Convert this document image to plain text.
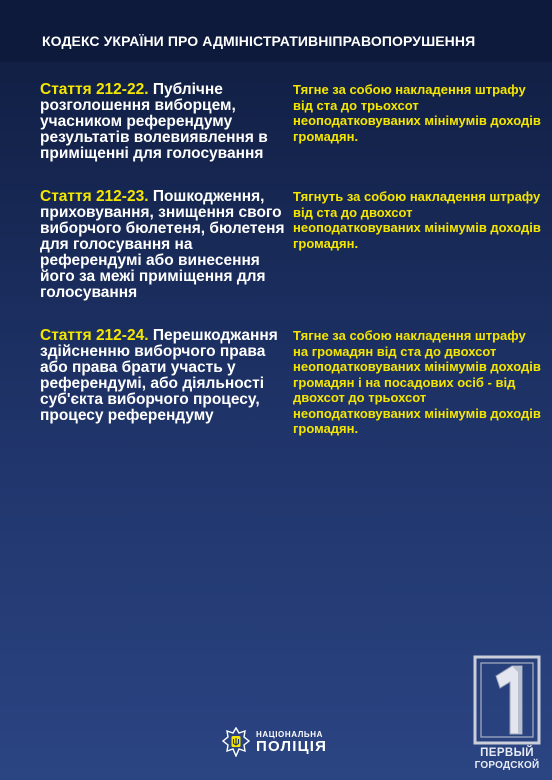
КОДЕКС УКРАЇНИ ПРО АДМІНІСТРАТИВНІПРАВОПОРУШЕННЯ
Стаття 212-22. Публічне розголошення виборцем, учасником референдуму результатів волевиявлення в приміщенні для голосування
Тягне за собою накладення штрафу від ста до трьохсот неоподатковуваних мінімумів доходів громадян.
Стаття 212-23. Пошкодження, приховування, знищення свого виборчого бюлетеня, бюлетеня для голосування на референдумі або винесення його за межі приміщення для голосування
Тягнуть за собою накладення штрафу від ста до двохсот неоподатковуваних мінімумів доходів громадян.
Стаття 212-24. Перешкоджання здійсненню виборчого права або права брати участь у референдумі, або діяльності суб'єкта виборчого процесу, процесу референдуму
Тягне за собою накладення штрафу на громадян від ста до двохсот неоподатковуваних мінімумів доходів громадян і на посадових осіб - від двохсот до трьохсот неоподатковуваних мінімумів доходів громадян.
НАЦІОНАЛЬНА
ПОЛІЦІЯ	ПЕРВЫЙ
ГОРОДСКОЙ
